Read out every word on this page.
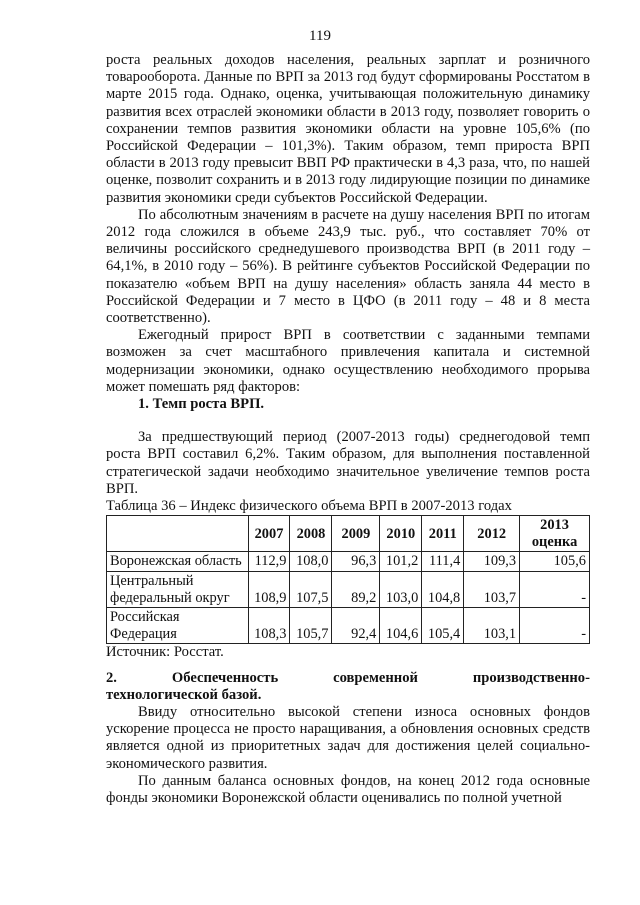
119

роста реальных доходов населения, реальных зарплат и розничного товарооборота. Данные по ВРП за 2013 год будут сформированы Росстатом в марте 2015 года. Однако, оценка, учитывающая положительную динамику развития всех отраслей экономики области в 2013 году, позволяет говорить о сохранении темпов развития экономики области на уровне 105,6% (по Российской Федерации – 101,3%). Таким образом, темп прироста ВРП области в 2013 году превысит ВВП РФ практически в 4,3 раза, что, по нашей оценке, позволит сохранить и в 2013 году лидирующие позиции по динамике развития экономики среди субъектов Российской Федерации.

По абсолютным значениям в расчете на душу населения ВРП по итогам 2012 года сложился в объеме 243,9 тыс. руб., что составляет 70% от величины российского среднедушевого производства ВРП (в 2011 году – 64,1%, в 2010 году – 56%). В рейтинге субъектов Российской Федерации по показателю «объем ВРП на душу населения» область заняла 44 место в Российской Федерации и 7 место в ЦФО (в 2011 году – 48 и 8 места соответственно).

Ежегодный прирост ВРП в соответствии с заданными темпами возможен за счет масштабного привлечения капитала и системной модернизации экономики, однако осуществлению необходимого прорыва может помешать ряд факторов:

1. Темп роста ВРП.

За предшествующий период (2007-2013 годы) среднегодовой темп роста ВРП составил 6,2%. Таким образом, для выполнения поставленной стратегической задачи необходимо значительное увеличение темпов роста ВРП.

Таблица 36 – Индекс физического объема ВРП в 2007-2013 годах

	2007	2008	2009	2010	2011	2012	2013 оценка
Воронежская область	112,9	108,0	96,3	101,2	111,4	109,3	105,6
Центральный федеральный округ	108,9	107,5	89,2	103,0	104,8	103,7	-
Российская Федерация	108,3	105,7	92,4	104,6	105,4	103,1	-

Источник: Росстат.

2.	Обеспеченность	современной	производственно-

технологической базой.

Ввиду относительно высокой степени износа основных фондов ускорение процесса не просто наращивания, а обновления основных средств является одной из приоритетных задач для достижения целей социально-экономического развития.

По данным баланса основных фондов, на конец 2012 года основные фонды экономики Воронежской области оценивались по полной учетной
